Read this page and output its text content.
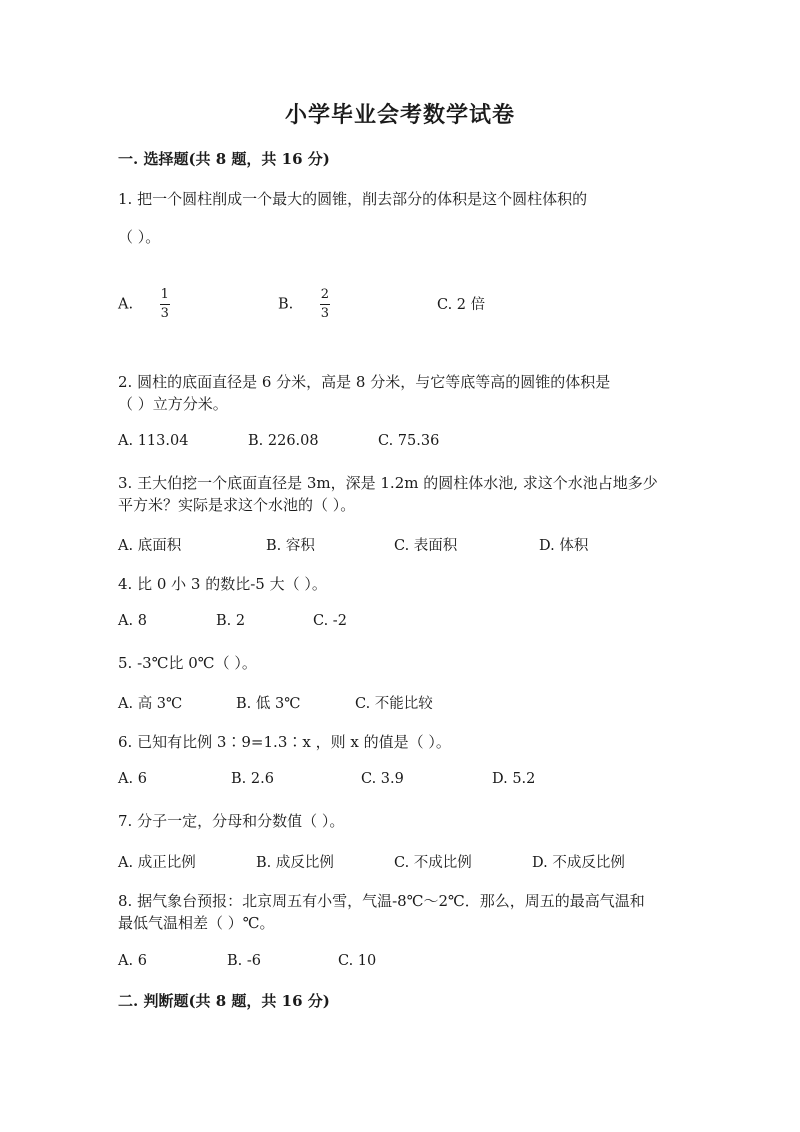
小学毕业会考数学试卷
一. 选择题(共 8 题，共 16 分)
1. 把一个圆柱削成一个最大的圆锥，削去部分的体积是这个圆柱体积的
（ ）。
A. $\frac{1}{3}$	B. $\frac{2}{3}$	C. 2 倍
2. 圆柱的底面直径是 6 分米，高是 8 分米，与它等底等高的圆锥的体积是
（ ）立方分米。
A. 113.04	B. 226.08	C. 75.36
3. 王大伯挖一个底面直径是 3m，深是 1.2m 的圆柱体水池, 求这个水池占地多少
平方米？实际是求这个水池的（ ）。
A. 底面积	B. 容积	C. 表面积	D. 体积
4. 比 0 小 3 的数比-5 大（ ）。
A. 8	B. 2	C. -2
5. -3℃比 0℃（ ）。
A. 高 3℃	B. 低 3℃	C. 不能比较
6. 已知有比例 3∶9=1.3∶x ，则 x 的值是（ ）。
A. 6	B. 2.6	C. 3.9	D. 5.2
7. 分子一定，分母和分数值（ ）。
A. 成正比例	B. 成反比例	C. 不成比例	D. 不成反比例
8. 据气象台预报：北京周五有小雪，气温-8℃～2℃．那么，周五的最高气温和
最低气温相差（ ）℃。
A. 6	B. -6	C. 10
二. 判断题(共 8 题，共 16 分)
